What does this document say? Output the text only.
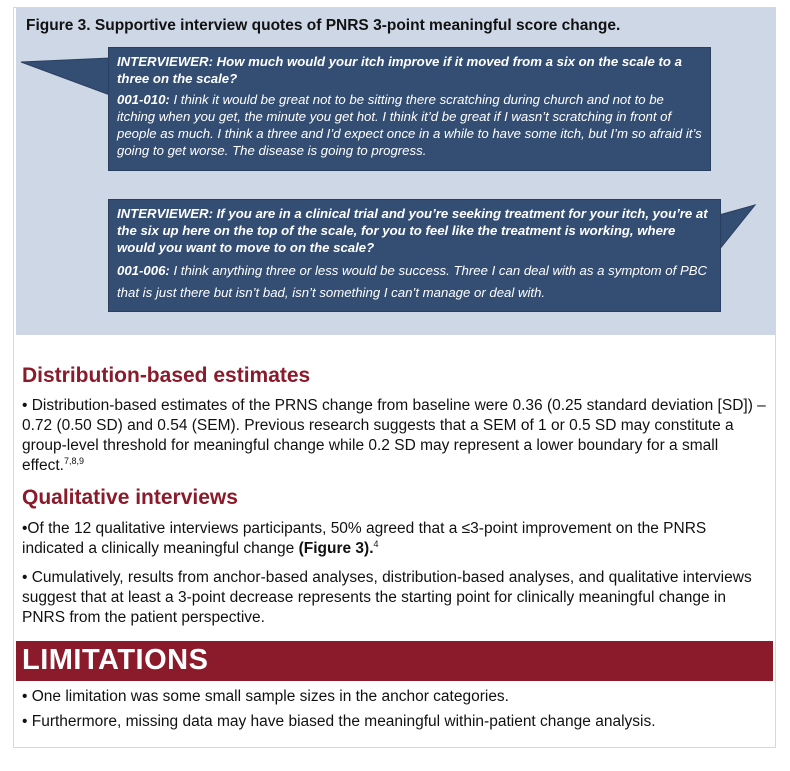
Figure 3. Supportive interview quotes of PNRS 3-point meaningful score change.

INTERVIEWER: How much would your itch improve if it moved from a six on the scale to a three on the scale?

001-010: I think it would be great not to be sitting there scratching during church and not to be itching when you get, the minute you get hot. I think it’d be great if I wasn’t scratching in front of people as much. I think a three and I’d expect once in a while to have some itch, but I’m so afraid it’s going to get worse. The disease is going to progress.

INTERVIEWER: If you are in a clinical trial and you’re seeking treatment for your itch, you’re at the six up here on the top of the scale, for you to feel like the treatment is working, where would you want to move to on the scale?

001-006: I think anything three or less would be success. Three I can deal with as a symptom of PBC that is just there but isn’t bad, isn’t something I can’t manage or deal with.

Distribution-based estimates
• Distribution-based estimates of the PRNS change from baseline were 0.36 (0.25 standard deviation [SD]) – 0.72 (0.50 SD) and 0.54 (SEM). Previous research suggests that a SEM of 1 or 0.5 SD may constitute a group-level threshold for meaningful change while 0.2 SD may represent a lower boundary for a small effect.$^{7,8,9}$
Qualitative interviews
•Of the 12 qualitative interviews participants, 50% agreed that a ≤3-point improvement on the PNRS indicated a clinically meaningful change (Figure 3).$^4$
• Cumulatively, results from anchor-based analyses, distribution-based analyses, and qualitative interviews suggest that at least a 3-point decrease represents the starting point for clinically meaningful change in PNRS from the patient perspective.
LIMITATIONS
• One limitation was some small sample sizes in the anchor categories.
• Furthermore, missing data may have biased the meaningful within-patient change analysis.
